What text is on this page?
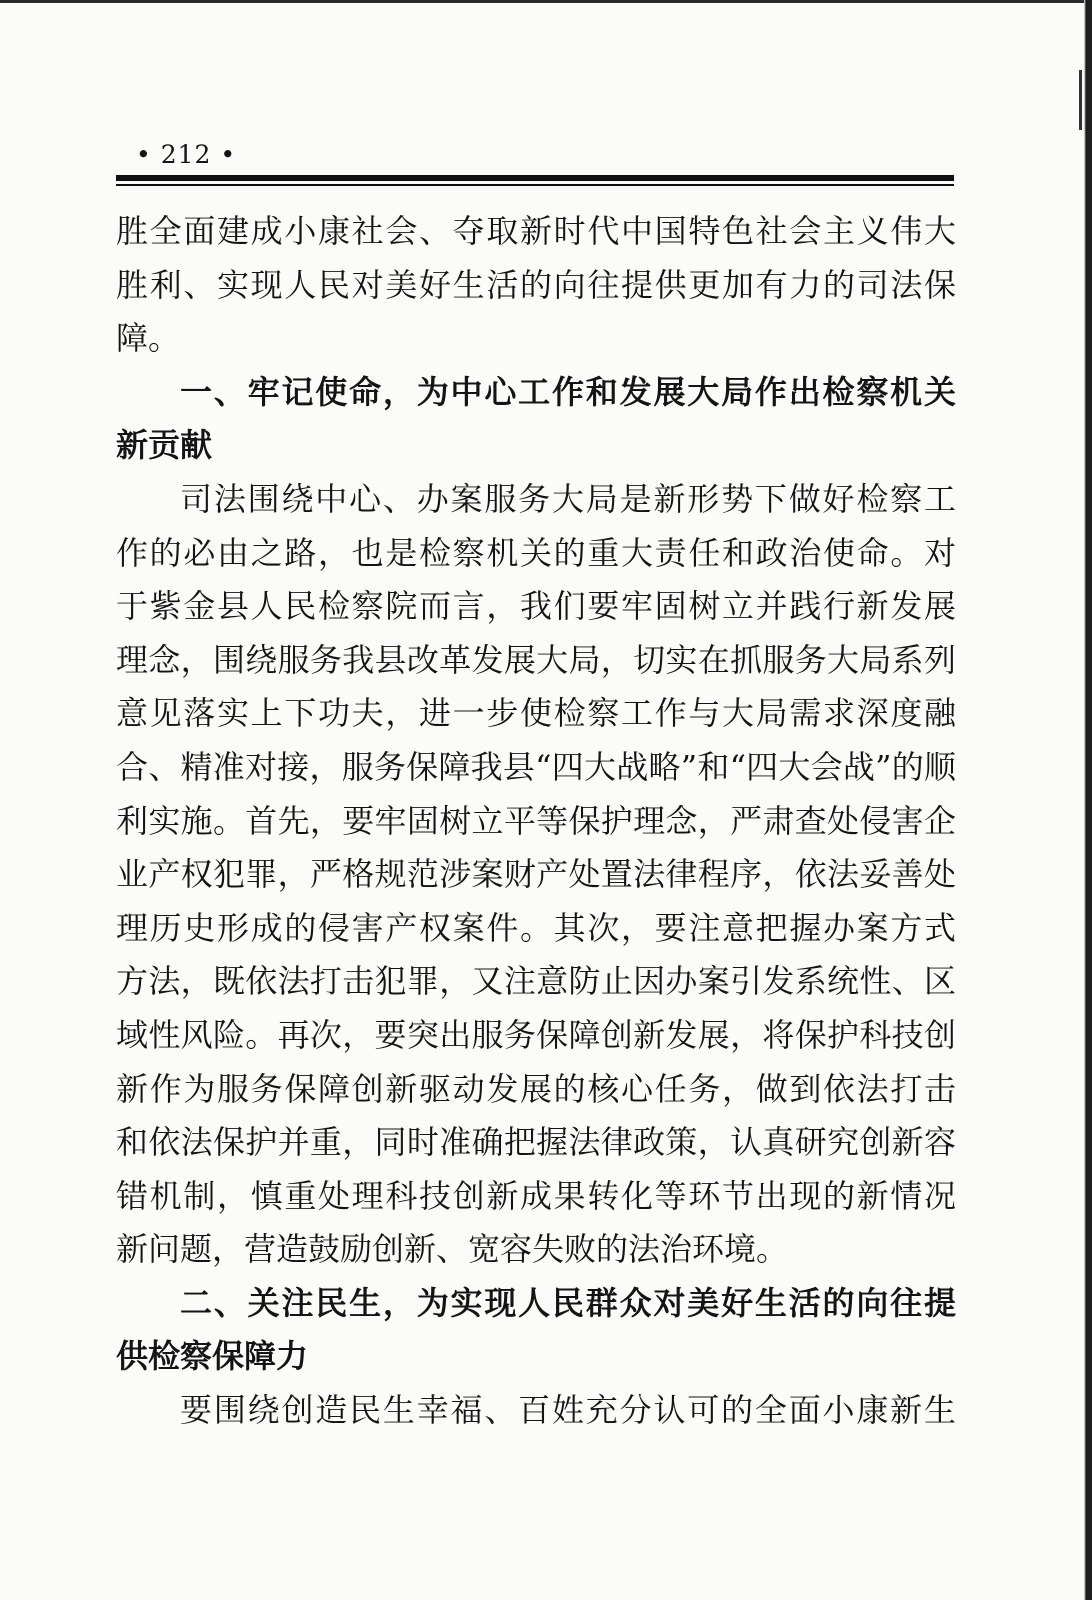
• 212 •
胜全面建成小康社会、夺取新时代中国特色社会主义伟大
胜利、实现人民对美好生活的向往提供更加有力的司法保
障。
一、牢记使命，为中心工作和发展大局作出检察机关
新贡献
司法围绕中心、办案服务大局是新形势下做好检察工
作的必由之路，也是检察机关的重大责任和政治使命。对
于紫金县人民检察院而言，我们要牢固树立并践行新发展
理念，围绕服务我县改革发展大局，切实在抓服务大局系列
意见落实上下功夫，进一步使检察工作与大局需求深度融
合、精准对接，服务保障我县“四大战略”和“四大会战”的顺
利实施。首先，要牢固树立平等保护理念，严肃查处侵害企
业产权犯罪，严格规范涉案财产处置法律程序，依法妥善处
理历史形成的侵害产权案件。其次，要注意把握办案方式
方法，既依法打击犯罪，又注意防止因办案引发系统性、区
域性风险。再次，要突出服务保障创新发展，将保护科技创
新作为服务保障创新驱动发展的核心任务，做到依法打击
和依法保护并重，同时准确把握法律政策，认真研究创新容
错机制，慎重处理科技创新成果转化等环节出现的新情况
新问题，营造鼓励创新、宽容失败的法治环境。
二、关注民生，为实现人民群众对美好生活的向往提
供检察保障力
要围绕创造民生幸福、百姓充分认可的全面小康新生
